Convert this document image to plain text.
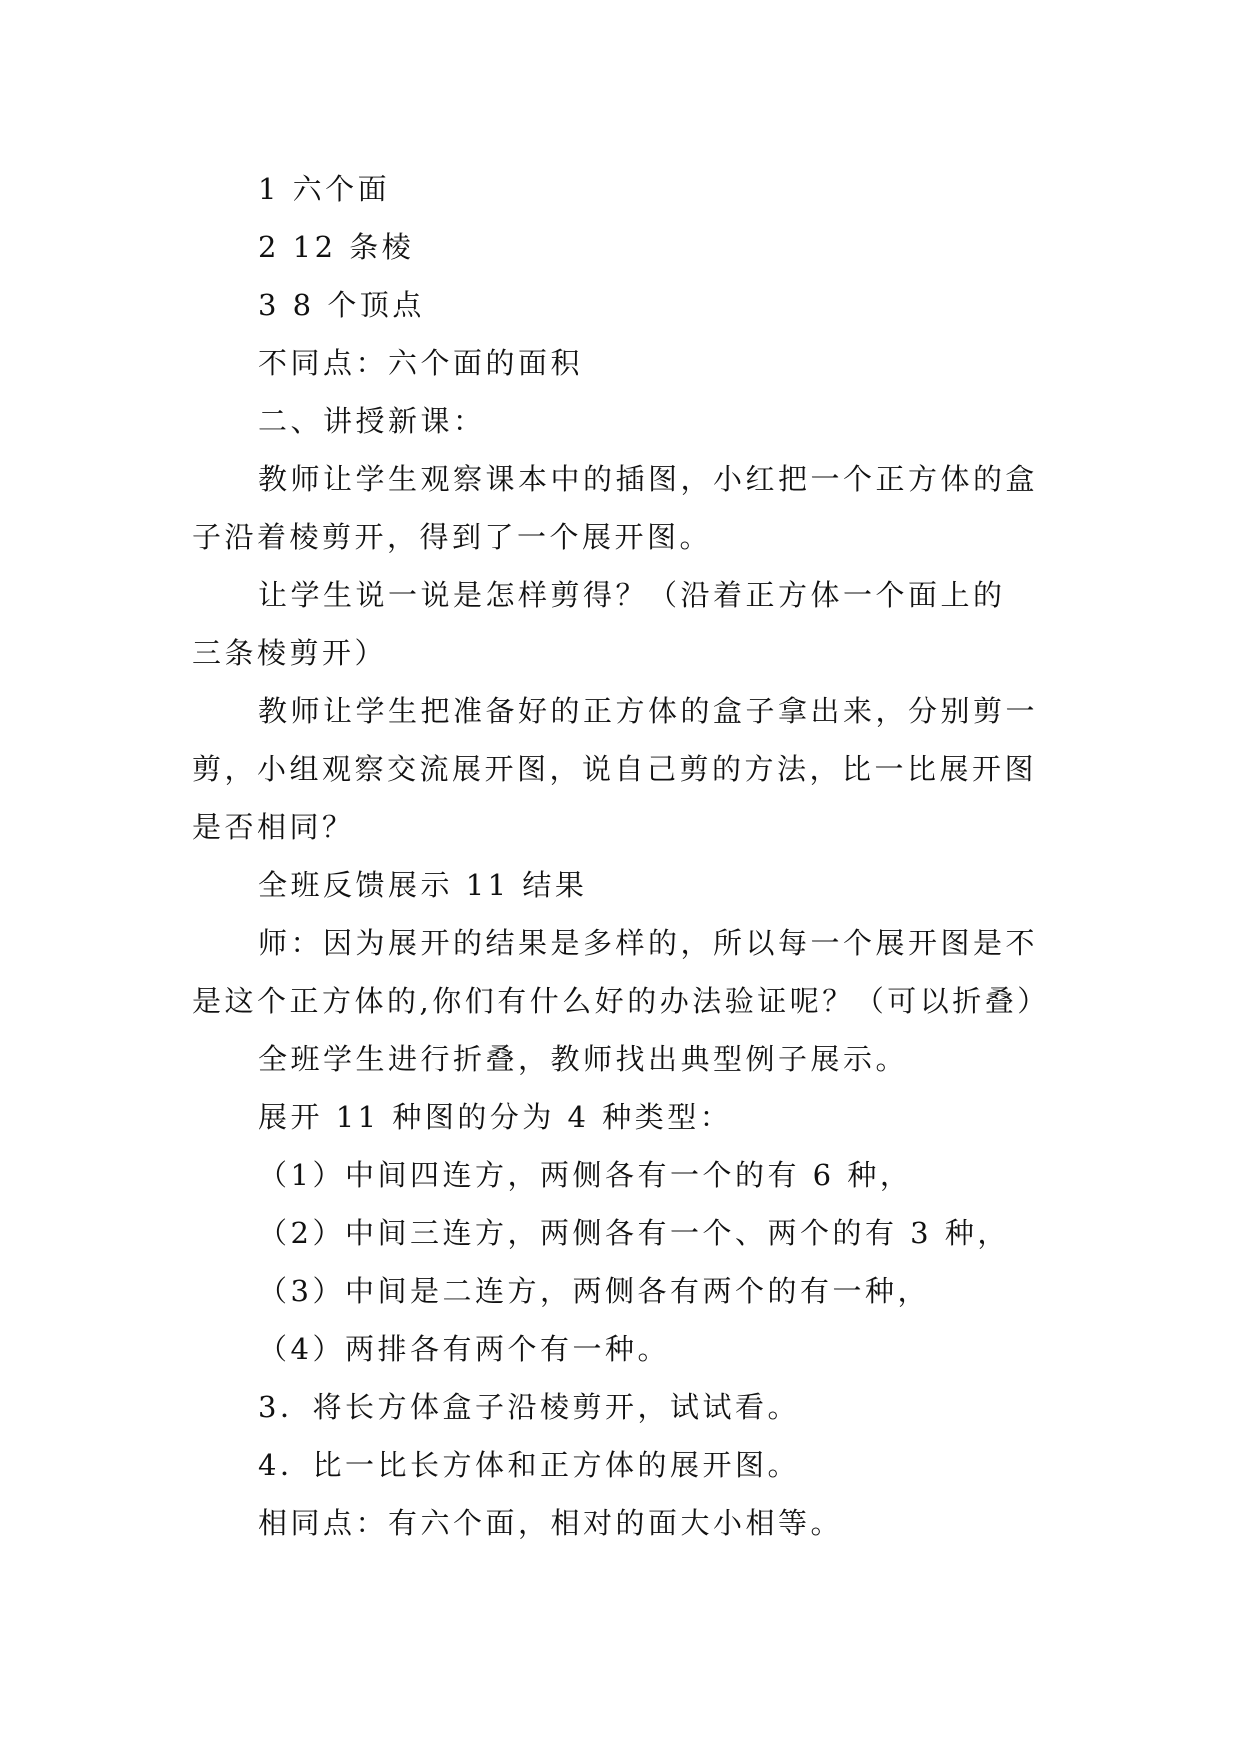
1 六个面
2 12 条棱
3 8 个顶点
不同点：六个面的面积
二、讲授新课：
教师让学生观察课本中的插图，小红把一个正方体的盒
子沿着棱剪开，得到了一个展开图。
让学生说一说是怎样剪得？（沿着正方体一个面上的
三条棱剪开）
教师让学生把准备好的正方体的盒子拿出来，分别剪一
剪，小组观察交流展开图，说自己剪的方法，比一比展开图
是否相同？
全班反馈展示 11 结果
师：因为展开的结果是多样的，所以每一个展开图是不
是这个正方体的,你们有什么好的办法验证呢？（可以折叠）
全班学生进行折叠，教师找出典型例子展示。
展开 11 种图的分为 4 种类型：
（1）中间四连方，两侧各有一个的有 6 种，
（2）中间三连方，两侧各有一个、两个的有 3 种，
（3）中间是二连方，两侧各有两个的有一种，
（4）两排各有两个有一种。
3．将长方体盒子沿棱剪开，试试看。
4．比一比长方体和正方体的展开图。
相同点：有六个面，相对的面大小相等。
